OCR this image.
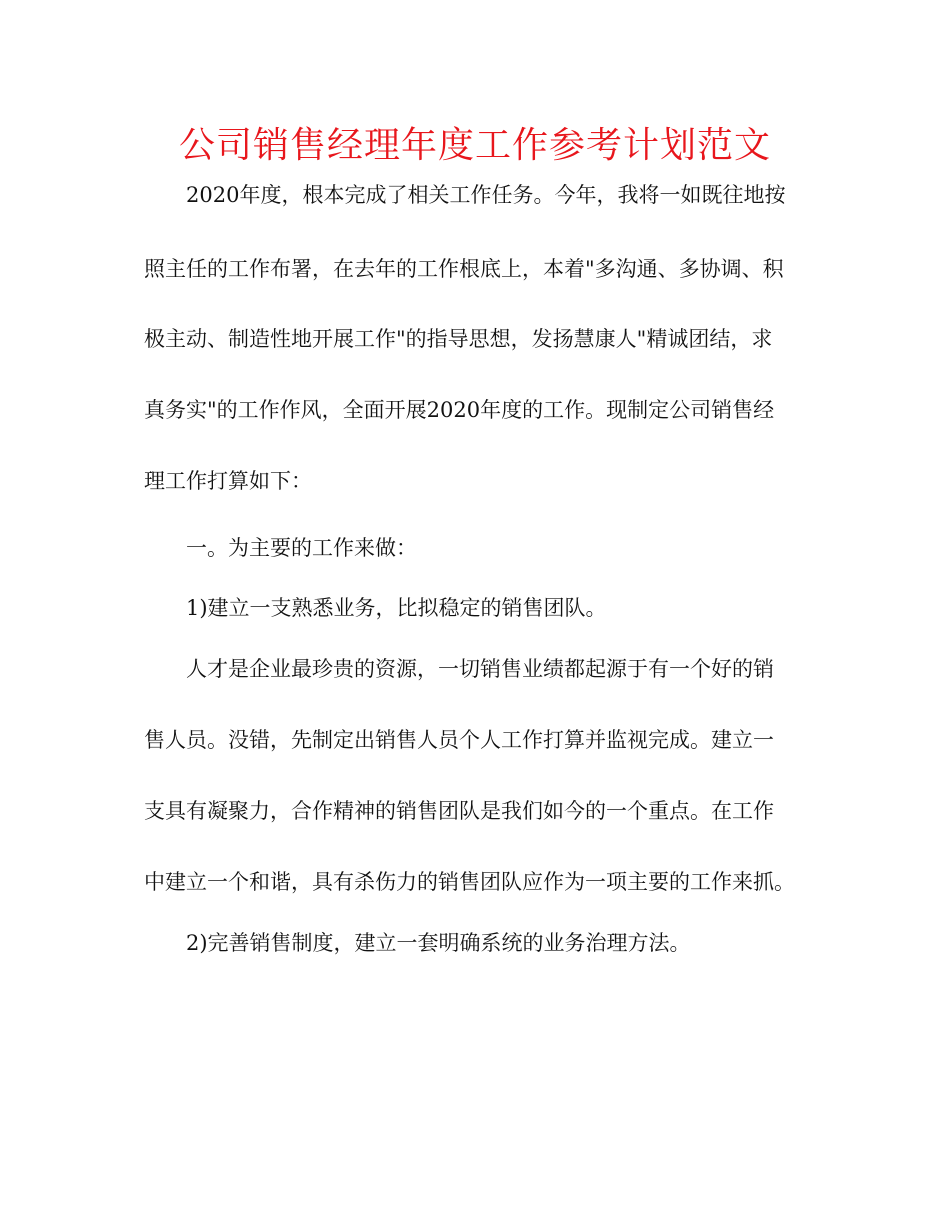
公司销售经理年度工作参考计划范文
2020年度，根本完成了相关工作任务。今年，我将一如既往地按
照主任的工作布署，在去年的工作根底上，本着"多沟通、多协调、积
极主动、制造性地开展工作"的指导思想，发扬慧康人"精诚团结，求
真务实"的工作作风，全面开展2020年度的工作。现制定公司销售经
理工作打算如下：
一。为主要的工作来做：
1)建立一支熟悉业务，比拟稳定的销售团队。
人才是企业最珍贵的资源，一切销售业绩都起源于有一个好的销
售人员。没错，先制定出销售人员个人工作打算并监视完成。建立一
支具有凝聚力，合作精神的销售团队是我们如今的一个重点。在工作
中建立一个和谐，具有杀伤力的销售团队应作为一项主要的工作来抓。
2)完善销售制度，建立一套明确系统的业务治理方法。
